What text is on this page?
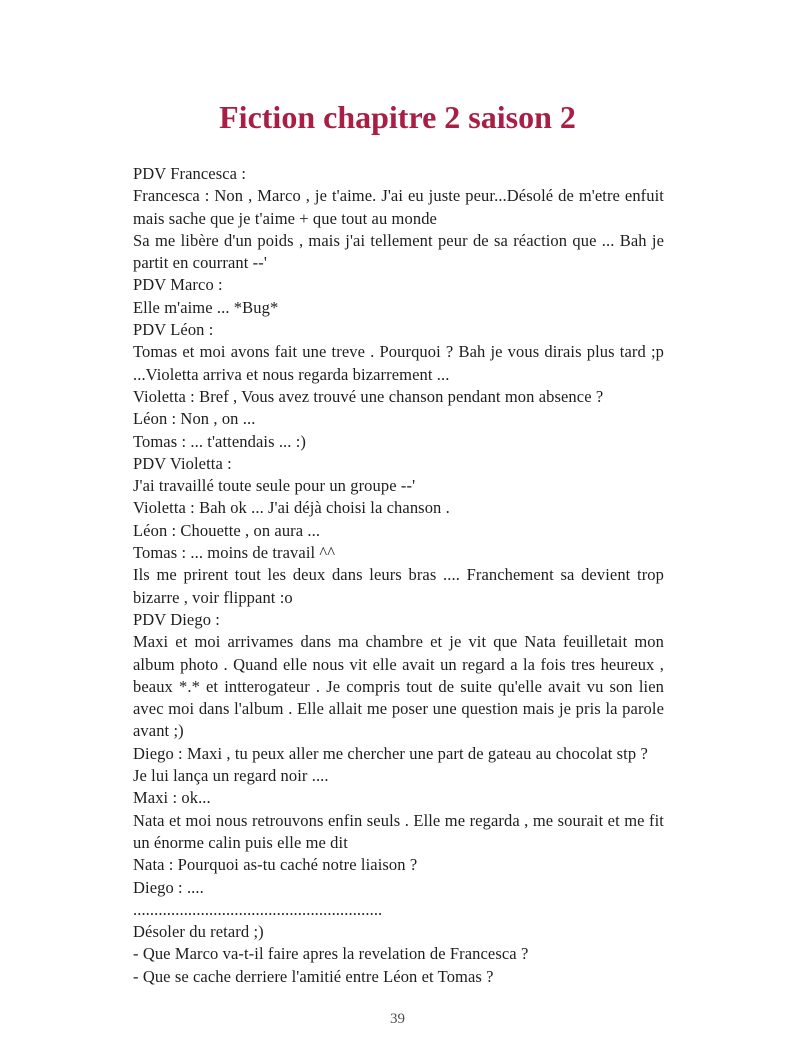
Fiction chapitre 2 saison 2
PDV Francesca :
Francesca : Non , Marco , je t'aime. J'ai eu juste peur...Désolé de m'etre enfuit
mais sache que je t'aime + que tout au monde
Sa me libère d'un poids , mais j'ai tellement peur de sa réaction que ... Bah je
partit en courrant --'
PDV Marco :
Elle m'aime ... *Bug*
PDV Léon :
Tomas et moi avons fait une treve . Pourquoi ? Bah je vous dirais plus tard ;p
...Violetta arriva et nous regarda bizarrement ...
Violetta : Bref , Vous avez trouvé une chanson pendant mon absence ?
Léon : Non , on ...
Tomas : ... t'attendais ... :)
PDV Violetta :
J'ai travaillé toute seule pour un groupe --'
Violetta : Bah ok ... J'ai déjà choisi la chanson .
Léon : Chouette , on aura ...
Tomas : ... moins de travail ^^
Ils me prirent tout les deux dans leurs bras .... Franchement sa devient trop
bizarre , voir flippant :o
PDV Diego :
Maxi et moi arrivames dans ma chambre et je vit que Nata feuilletait mon
album photo . Quand elle nous vit elle avait un regard a la fois tres heureux ,
beaux *.* et intterogateur . Je compris tout de suite qu'elle avait vu son lien
avec moi dans l'album . Elle allait me poser une question mais je pris la parole
avant ;)
Diego : Maxi , tu peux aller me chercher une part de gateau au chocolat stp ?
Je lui lança un regard noir ....
Maxi : ok...
Nata et moi nous retrouvons enfin seuls . Elle me regarda , me sourait et me fit
un énorme calin puis elle me dit
Nata : Pourquoi as-tu caché notre liaison ?
Diego : ....
...........................................................
Désoler du retard ;)
- Que Marco va-t-il faire apres la revelation de Francesca ?
- Que se cache derriere l'amitié entre Léon et Tomas ?
39
